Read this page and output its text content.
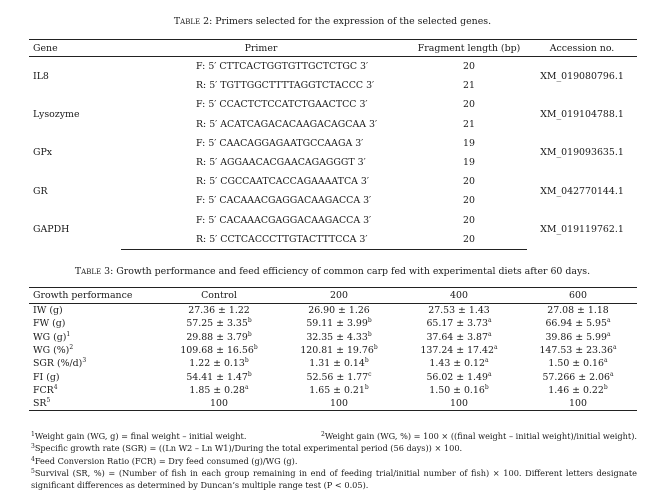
Table 2: Primers selected for the expression of the selected genes.
Gene	Primer	Fragment length (bp)	Accession no.
IL8	F: 5′ CTTCACTGGTGTTGCTCTGC 3′	20	XM_019080796.1
	R: 5′ TGTTGGCTTTTAGGTCTACCC 3′	21	
Lysozyme	F: 5′ CCACTCTCCATCTGAACTCC 3′	20	XM_019104788.1
	R: 5′ ACATCAGACACAAGACAGCAA 3′	21	
GPx	F: 5′ CAACAGGAGAATGCCAAGA 3′	19	XM_019093635.1
	R: 5′ AGGAACACGAACAGAGGGT 3′	19	
GR	R: 5′ CGCCAATCACCAGAAAATCA 3′	20	XM_042770144.1
	F: 5′ CACAAACGAGGACAAGACCA 3′	20	
GAPDH	F: 5′ CACAAACGAGGACAAGACCA 3′	20	XM_019119762.1
	R: 5′ CCTCACCCTTGTACTTTCCA 3′	20	
Table 3: Growth performance and feed efficiency of common carp fed with experimental diets after 60 days.
Growth performance	Control	200	400	600
IW (g)	27.36 ± 1.22	26.90 ± 1.26	27.53 ± 1.43	27.08 ± 1.18
FW (g)	57.25 ± 3.35$^b$	59.11 ± 3.99$^b$	65.17 ± 3.73$^a$	66.94 ± 5.95$^a$
WG $(g)^1$	29.88 ± 3.79$^b$	32.35 ± 4.33$^b$	37.64 ± 3.87$^a$	39.86 ± 5.99$^a$
WG (%)$^2$	109.68 ± 16.56$^b$	120.81 ± 19.76$^b$	137.24 ± 17.42$^a$	147.53 ± 23.36$^a$
SGR $(\%/d)^3$	1.22 ± 0.13$^b$	1.31 ± 0.14$^b$	1.43 ± 0.12$^a$	1.50 ± 0.16$^a$
FI (g)	54.41 ± 1.47$^b$	52.56 ± 1.77$^c$	56.02 ± 1.49$^a$	57.266 ± 2.06$^a$
FCR$^4$	1.85 ± 0.28$^a$	1.65 ± 0.21$^b$	1.50 ± 0.16$^b$	1.46 ± 0.22$^b$
$SR^5$	100	100	100	100
$^1$Weight gain (WG, g) = final weight – initial weight.	$^2$Weight gain (WG, %) = 100 × ((final weight – initial weight)/initial weight).
$^3$Specific growth rate (SGR) = ((Ln W2 – Ln W1)/During the total experimental period (56 days)) × 100.
$^4$Feed Conversion Ratio (FCR) = Dry feed consumed (g)/WG (g).
$^5$Survival (SR, %) = (Number of fish in each group remaining in end of feeding trial/initial number of fish) × 100. Different letters designate significant differences as determined by Duncan’s multiple range test (P < 0.05).
